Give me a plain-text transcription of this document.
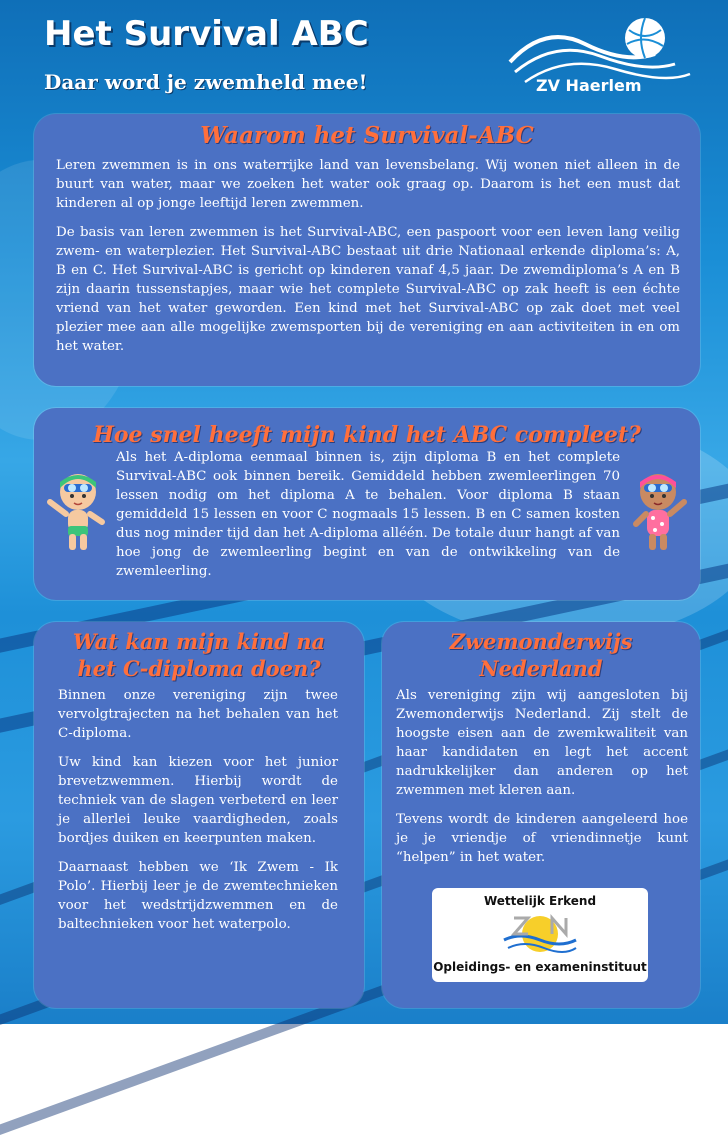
Het Survival ABC
Daar word je zwemheld mee!	ZV Haerlem
Waarom het Survival-ABC

Leren zwemmen is in ons waterrijke land van levensbelang. Wij wonen niet alleen in de buurt van water, maar we zoeken het water ook graag op. Daarom is het een must dat kinderen al op jonge leeftijd leren zwemmen.

De basis van leren zwemmen is het Survival-ABC, een paspoort voor een leven lang veilig zwem- en waterplezier. Het Survival-ABC bestaat uit drie Nationaal erkende diploma’s: A, B en C. Het Survival-ABC is gericht op kinderen vanaf 4,5 jaar. De zwemdiploma’s A en B zijn daarin tussenstapjes, maar wie het complete Survival-ABC op zak heeft is een échte vriend van het water geworden. Een kind met het Survival-ABC op zak doet met veel plezier mee aan alle mogelijke zwemsporten bij de vereniging en aan activiteiten in en om het water.

Hoe snel heeft mijn kind het ABC compleet?

Als het A-diploma eenmaal binnen is, zijn diploma B en het complete Survival-ABC ook binnen bereik. Gemiddeld hebben zwemleerlingen 70 lessen nodig om het diploma A te behalen. Voor diploma B staan gemiddeld 15 lessen en voor C nogmaals 15 lessen. B en C samen kosten dus nog minder tijd dan het A-diploma alléén. De totale duur hangt af van hoe jong de zwemleerling begint en van de ontwikkeling van de zwemleerling.

Wat kan mijn kind na
het C-diploma doen?

Binnen onze vereniging zijn twee vervolgtrajecten na het behalen van het C-diploma.

Uw kind kan kiezen voor het junior brevetzwemmen. Hierbij wordt de techniek van de slagen verbeterd en leer je allerlei leuke vaardigheden, zoals bordjes duiken en keerpunten maken.

Daarnaast hebben we ‘Ik Zwem - Ik Polo’. Hierbij leer je de zwemtechnieken voor het wedstrijdzwemmen en de baltechnieken voor het waterpolo.

Zwemonderwijs
Nederland

Als vereniging zijn wij aangesloten bij Zwemonderwijs Nederland. Zij stelt de hoogste eisen aan de zwemkwaliteit van haar kandidaten en legt het accent nadrukkelijker dan anderen op het zwemmen met kleren aan.

Tevens wordt de kinderen aangeleerd hoe je je vriendje of vriendinnetje kunt “helpen” in het water.

Wettelijk Erkend
Opleidings- en exameninstituut
